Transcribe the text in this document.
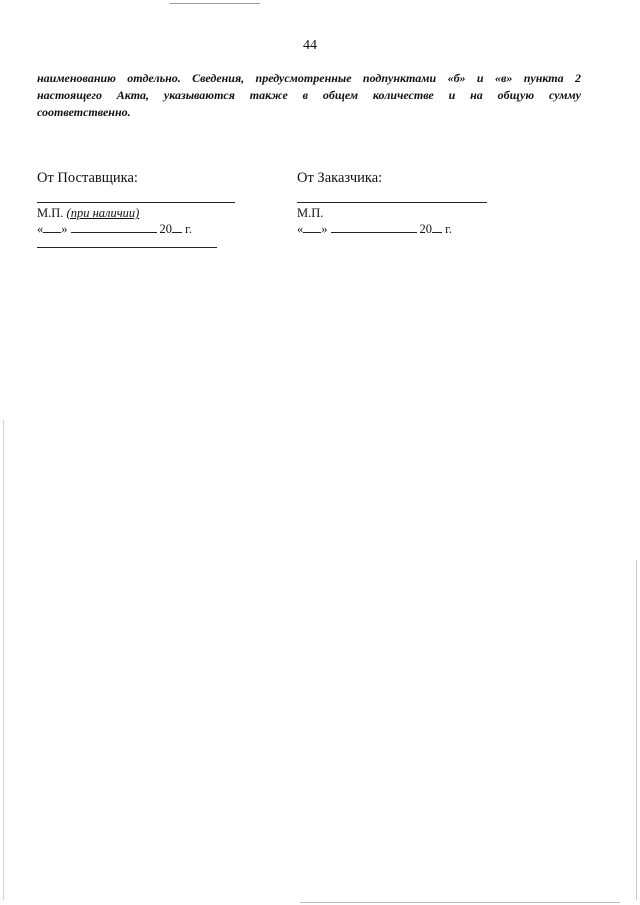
44
наименованию отдельно. Сведения, предусмотренные подпунктами «б» и «в» пункта 2
настоящего Акта, указываются также в общем количестве и на общую сумму
соответственно.
От Поставщика:
М.П. (при наличии)
« »	20 г.
От Заказчика:
М.П.
« »	20 г.
